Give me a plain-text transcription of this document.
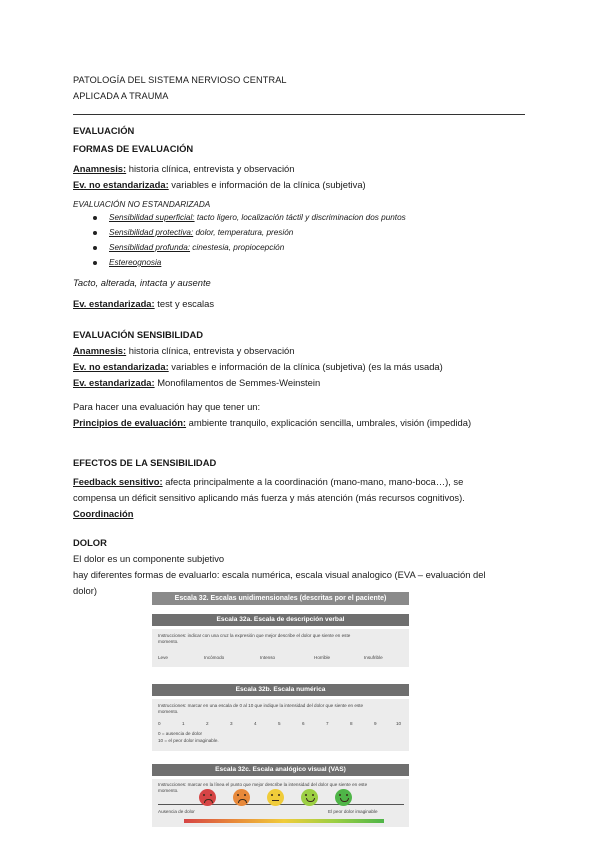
PATOLOGÍA DEL SISTEMA NERVIOSO CENTRAL
APLICADA A TRAUMA
EVALUACIÓN
FORMAS DE EVALUACIÓN
Anamnesis: historia clínica, entrevista y observación
Ev. no estandarizada: variables e información de la clínica (subjetiva)
EVALUACIÓN NO ESTANDARIZADA
Sensibilidad superficial: tacto ligero, localización táctil y discriminacion dos puntos
Sensibilidad protectiva: dolor, temperatura, presión
Sensibilidad profunda: cinestesia, propiocepción
Estereognosia
Tacto, alterada, intacta y ausente
Ev. estandarizada: test y escalas
EVALUACIÓN SENSIBILIDAD
Anamnesis: historia clínica, entrevista y observación
Ev. no estandarizada: variables e información de la clínica (subjetiva) (es la más usada)
Ev. estandarizada: Monofilamentos de Semmes-Weinstein
Para hacer una evaluación hay que tener un:
Principios de evaluación: ambiente tranquilo, explicación sencilla, umbrales, visión (impedida)
EFECTOS DE LA SENSIBILIDAD
Feedback sensitivo: afecta principalmente a la coordinación (mano-mano, mano-boca…), se
compensa un déficit sensitivo aplicando más fuerza y más atención (más recursos cognitivos).
Coordinación
DOLOR
El dolor es un componente subjetivo
hay diferentes formas de evaluarlo: escala numérica, escala visual analogico (EVA – evaluación del
dolor)
Escala 32. Escalas unidimensionales (descritas por el paciente)
Escala 32a. Escala de descripción verbal
Instrucciones: indicar con una cruz la expresión que mejor describe el dolor que siente en este
momento.
Leve	Incómodo	Intenso	Horrible	Insufrible
Escala 32b. Escala numérica
Instrucciones: marcar en una escala de 0 al 10 que indique la intensidad del dolor que siente en este
momento.
0	1	2	3	4	5	6	7	8	9	10
0 = ausencia de dolor
10 = el peor dolor imaginable.
Escala 32c. Escala analógico visual (VAS)
Instrucciones: marcar en la línea el punto que mejor describe la intensidad del dolor que siente en este
momento.
Ausencia de dolor	El peor dolor imaginable
